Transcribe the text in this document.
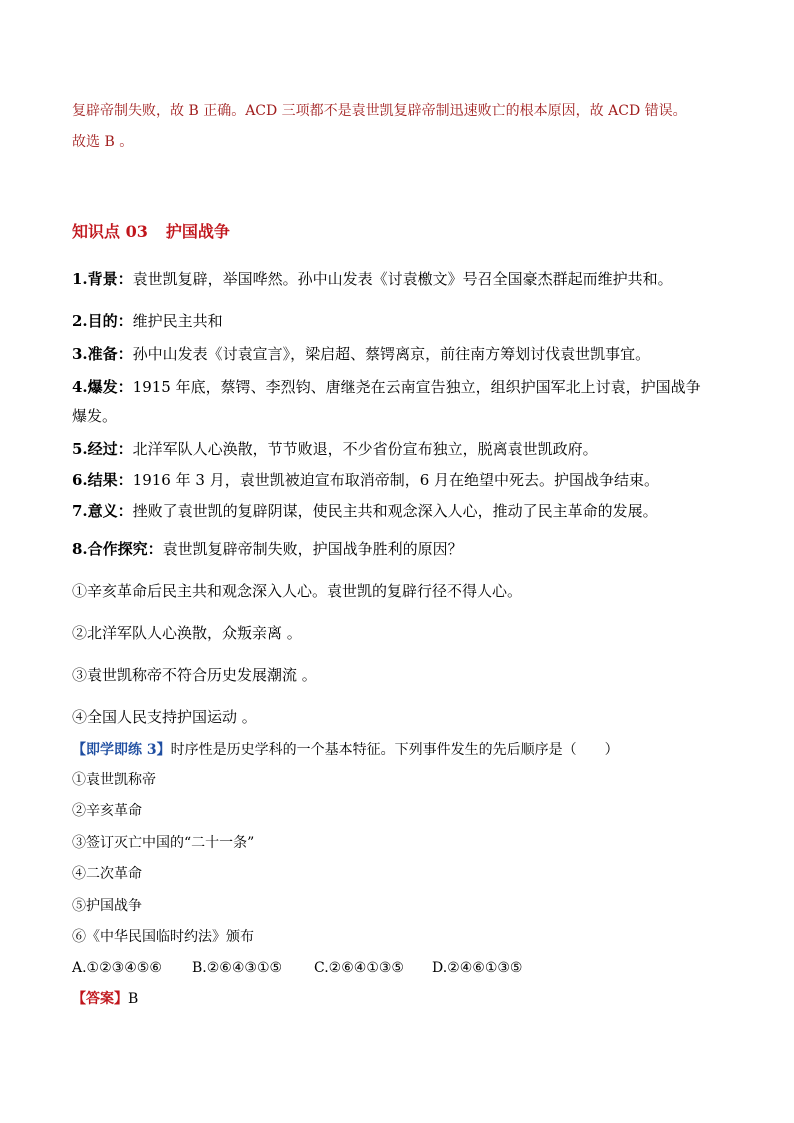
复辟帝制失败，故 B 正确。ACD 三项都不是袁世凯复辟帝制迅速败亡的根本原因，故 ACD 错误。
故选 B 。
知识点 03 护国战争
1.背景：袁世凯复辟，举国哗然。孙中山发表《讨袁檄文》号召全国豪杰群起而维护共和。
2.目的：维护民主共和
3.准备：孙中山发表《讨袁宣言》，梁启超、蔡锷离京，前往南方筹划讨伐袁世凯事宜。
4.爆发：1915 年底，蔡锷、李烈钧、唐继尧在云南宣告独立，组织护国军北上讨袁，护国战争
爆发。
5.经过：北洋军队人心涣散，节节败退，不少省份宣布独立，脱离袁世凯政府。
6.结果：1916 年 3 月，袁世凯被迫宣布取消帝制，6 月在绝望中死去。护国战争结束。
7.意义：挫败了袁世凯的复辟阴谋，使民主共和观念深入人心，推动了民主革命的发展。
8.合作探究：袁世凯复辟帝制失败，护国战争胜利的原因？
①辛亥革命后民主共和观念深入人心。袁世凯的复辟行径不得人心。
②北洋军队人心涣散，众叛亲离 。
③袁世凯称帝不符合历史发展潮流 。
④全国人民支持护国运动 。
【即学即练 3】时序性是历史学科的一个基本特征。下列事件发生的先后顺序是（　　）
①袁世凯称帝
②辛亥革命
③签订灭亡中国的“二十一条”
④二次革命
⑤护国战争
⑥《中华民国临时约法》颁布
A.①②③④⑤⑥ B.②⑥④③①⑤ C.②⑥④①③⑤ D.②④⑥①③⑤
【答案】B
